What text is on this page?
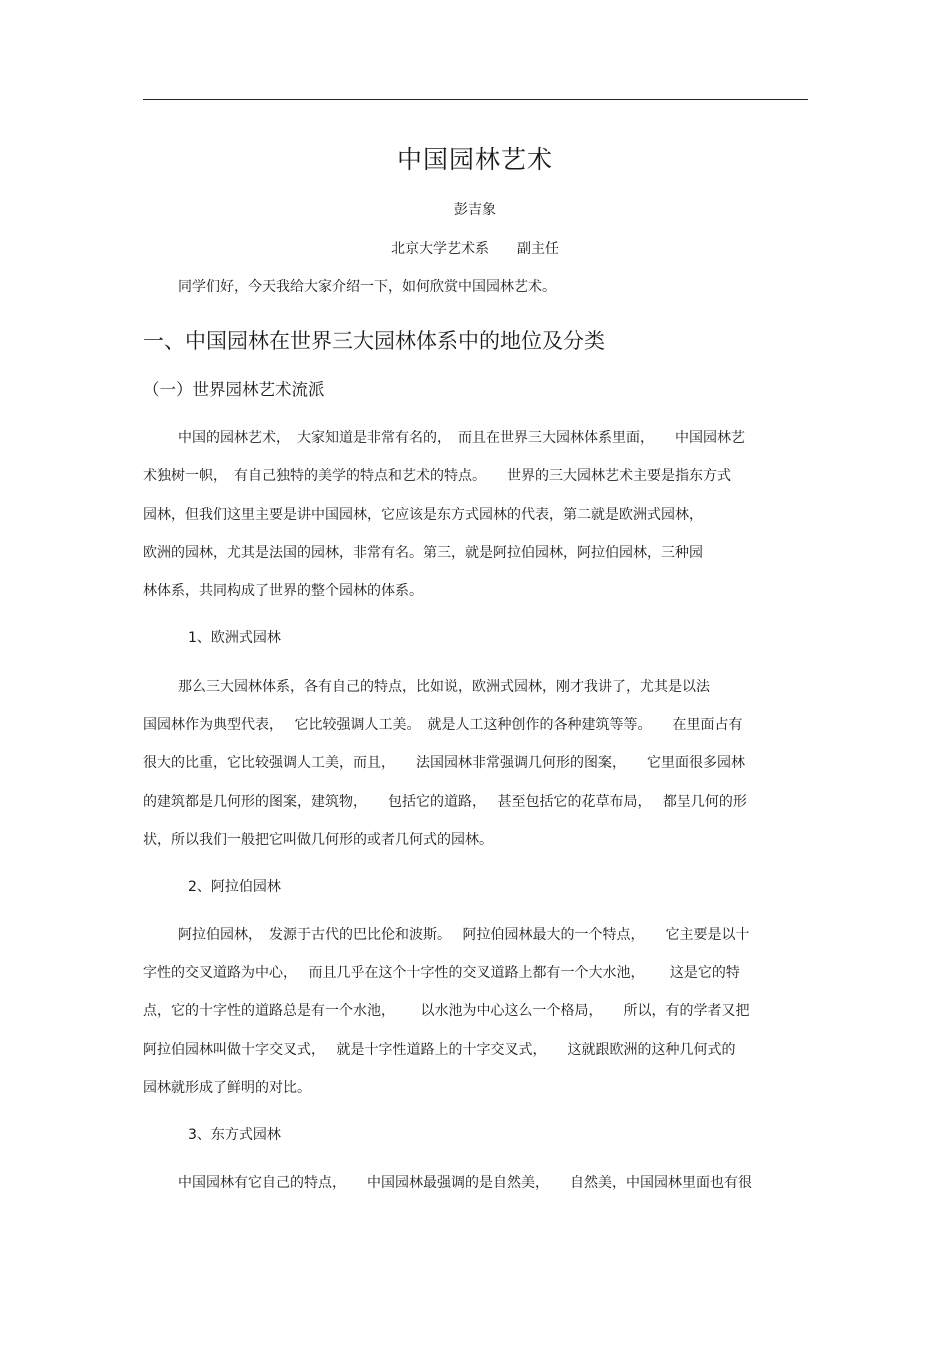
中国园林艺术
彭吉象
北京大学艺术系　　副主任
同学们好，今天我给大家介绍一下，如何欣赏中国园林艺术。
一、中国园林在世界三大园林体系中的地位及分类
（一）世界园林艺术流派
中国的园林艺术，　大家知道是非常有名的，　而且在世界三大园林体系里面，　　中国园林艺
术独树一帜，　有自己独特的美学的特点和艺术的特点。　　世界的三大园林艺术主要是指东方式
园林，但我们这里主要是讲中国园林，它应该是东方式园林的代表，第二就是欧洲式园林，
欧洲的园林，尤其是法国的园林，非常有名。第三，就是阿拉伯园林，阿拉伯园林，三种园
林体系，共同构成了世界的整个园林的体系。
1、欧洲式园林
那么三大园林体系，各有自己的特点，比如说，欧洲式园林，刚才我讲了，尤其是以法
国园林作为典型代表，　 它比较强调人工美。　就是人工这种创作的各种建筑等等。　　在里面占有
很大的比重，它比较强调人工美，而且，　　法国园林非常强调几何形的图案，　　它里面很多园林
的建筑都是几何形的图案，建筑物，　　包括它的道路，　 甚至包括它的花草布局，　 都呈几何的形
状，所以我们一般把它叫做几何形的或者几何式的园林。
2、阿拉伯园林
阿拉伯园林，　发源于古代的巴比伦和波斯。　 阿拉伯园林最大的一个特点，　　它主要是以十
字性的交叉道路为中心，　 而且几乎在这个十字性的交叉道路上都有一个大水池，　　 这是它的特
点，它的十字性的道路总是有一个水池，　　 以水池为中心这么一个格局，　　所以，有的学者又把
阿拉伯园林叫做十字交叉式，　 就是十字性道路上的十字交叉式，　　这就跟欧洲的这种几何式的
园林就形成了鲜明的对比。
3、东方式园林
中国园林有它自己的特点，　　中国园林最强调的是自然美，　　自然美，中国园林里面也有很
